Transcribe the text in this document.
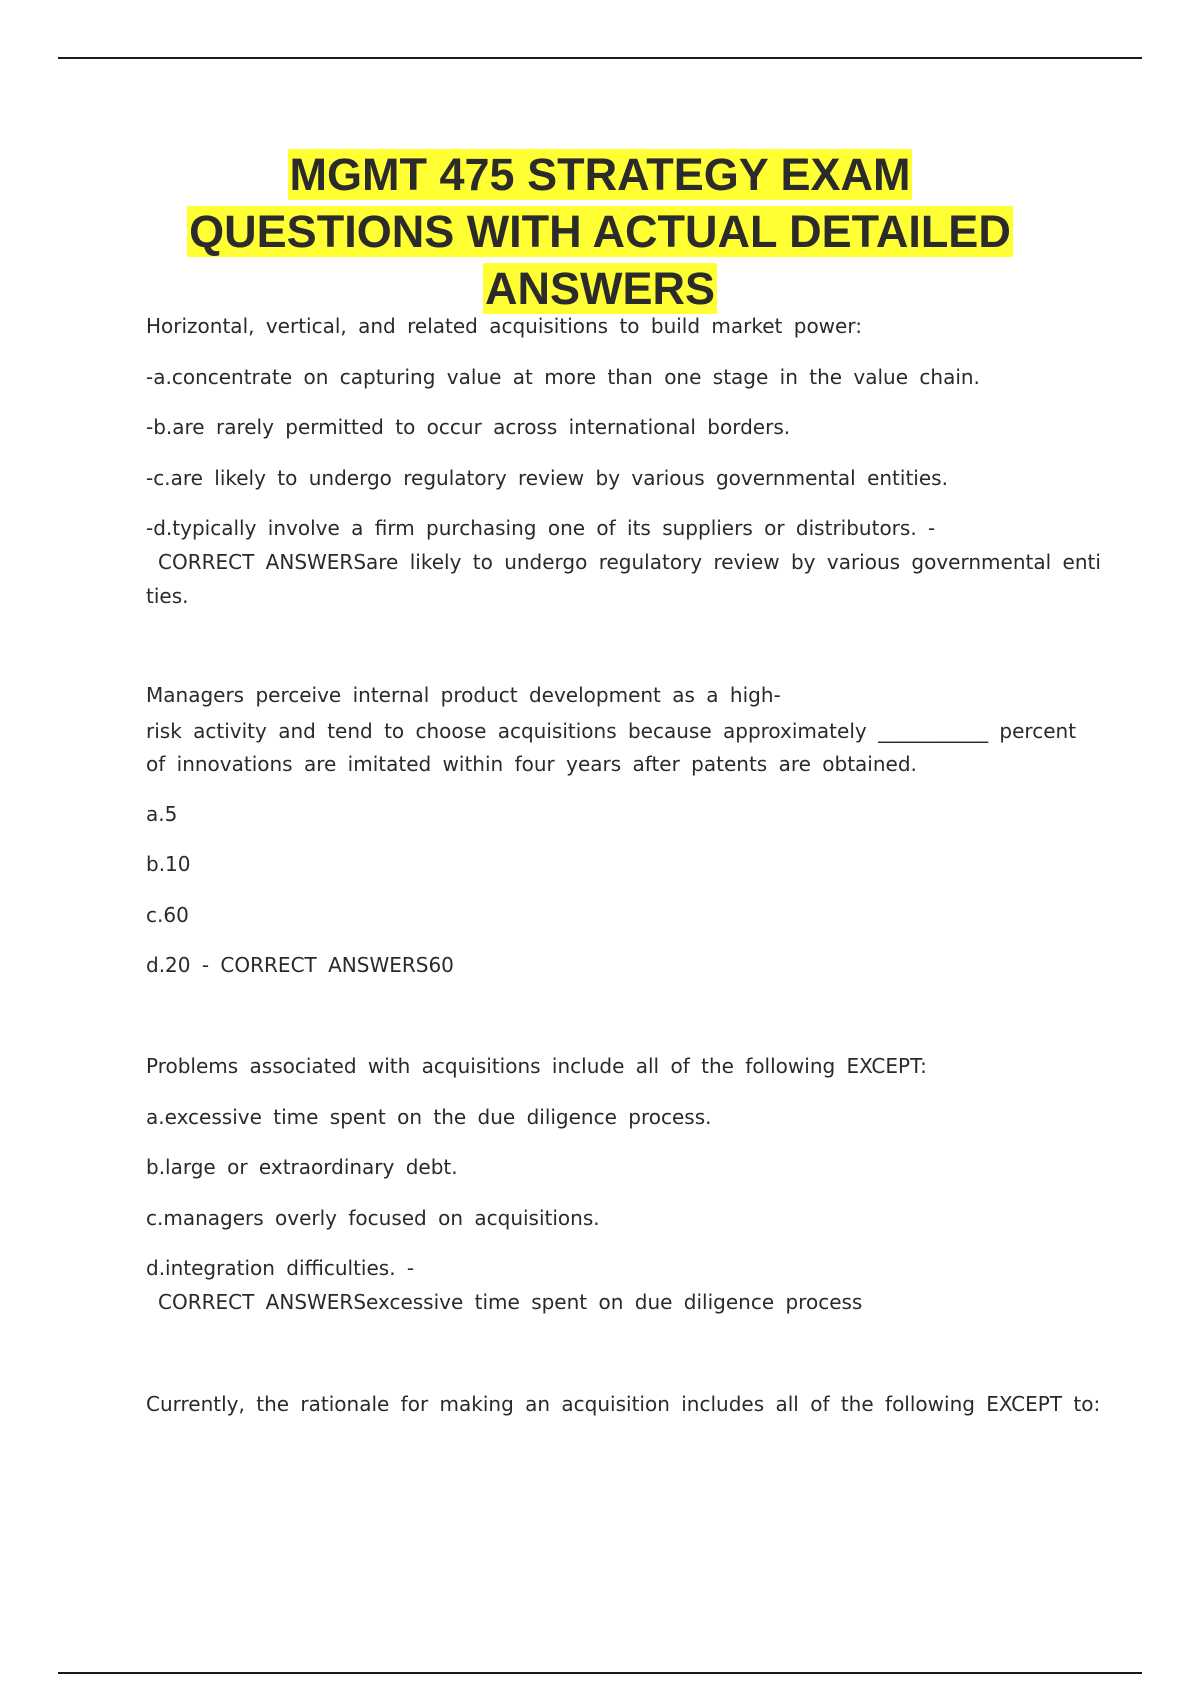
MGMT 475 STRATEGY EXAM
QUESTIONS WITH ACTUAL DETAILED
ANSWERS
Horizontal, vertical, and related acquisitions to build market power:
-a.concentrate on capturing value at more than one stage in the value chain.
-b.are rarely permitted to occur across international borders.
-c.are likely to undergo regulatory review by various governmental entities.
-d.typically involve a firm purchasing one of its suppliers or distributors. -
CORRECT ANSWERSare likely to undergo regulatory review by various governmental enti
ties.
Managers perceive internal product development as a high-
risk activity and tend to choose acquisitions because approximately ___________ percent
of innovations are imitated within four years after patents are obtained.
a.5
b.10
c.60
d.20 - CORRECT ANSWERS60
Problems associated with acquisitions include all of the following EXCEPT:
a.excessive time spent on the due diligence process.
b.large or extraordinary debt.
c.managers overly focused on acquisitions.
d.integration difficulties. -
CORRECT ANSWERSexcessive time spent on due diligence process
Currently, the rationale for making an acquisition includes all of the following EXCEPT to:
